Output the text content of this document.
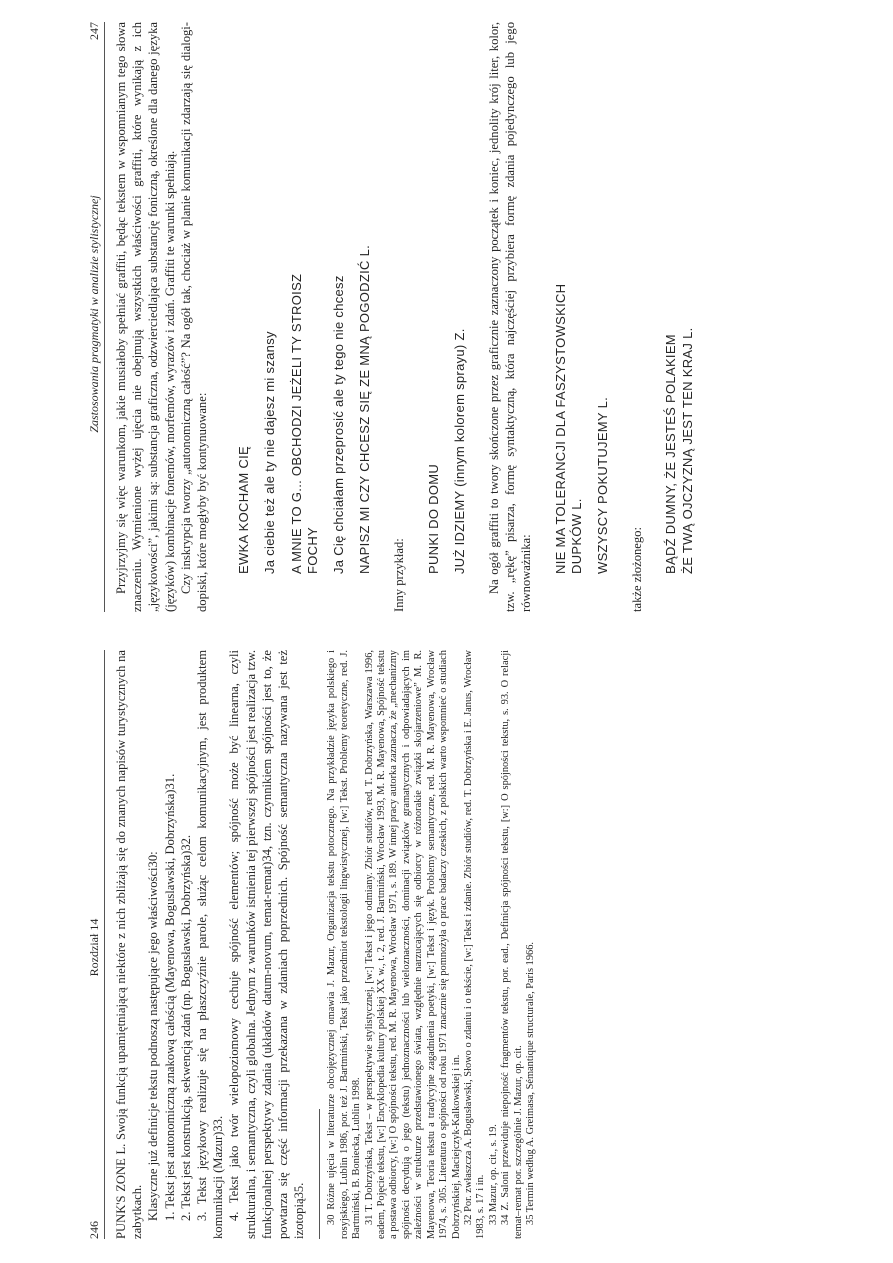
246
Rozdział 14 PUNK'S ZONE L. Swoją funkcją upamiętniającą niektóre z nich zbliżają się do znanych napisów turystycznych na zabytkach. Klasyczne już definicje tekstu podnoszą następujące jego właściwości30: 1. Tekst jest autonomiczną znakową całością (Mayenowa, Boguslawski, Dobrzyńska)31. 2. Tekst jest konstrukcją, sekwencją zdań (np. Bogusławski, Dobrzyńska)32. 3. Tekst językowy realizuje się na płaszczyźnie parole, służąc celom komunikacyjnym, jest produktem komunikacji (Mazur)33. 4. Tekst jako twór wielopoziomowy cechuje spójność elementów; spójność może być linearna, czyli strukturalna, i semantyczna, czyli globalna. Jednym z warunków istnienia tej pierwszej spójności jest realizacja tzw. funkcjonalnej perspektywy zdania (układów datum-novum, temat-remat)34, tzn. czynnikiem spójności jest to, że powtarza się część informacji przekazana w zdaniach poprzednich. Spójność semantyczna nazywana jest też izotopią35. 30 Różne ujęcia w literaturze obcojęzycznej omawia J. Mazur, Organizacja tekstu potocznego. Na przykładzie języka polskiego i rosyjskiego, Lublin 1986, por. też J. Bartmiński, Tekst jako przedmiot tekstologii lingwistycznej, [w:] Tekst. Problemy teoretyczne, red. J. Bartmiński, B. Boniecka, Lublin 1998. 31 T. Dobrzyńska, Tekst – w perspektywie stylistycznej, [w:] Tekst i jego odmiany. Zbiór studiów, red. T. Dobrzyńska, Warszawa 1996, eadem, Pojęcie tekstu, [w:] Encyklopedia kultury polskiej XX w., t. 2, red. J. Bartmiński, Wrocław 1993, M. R. Mayenowa, Spójność tekstu a postawa odbiorcy, [w:] O spójności tekstu, red. M. R. Mayenowa, Wrocław 1971, s. 189. W innej pracy autorka zaznacza, że „mechanizmy spójności decydują o jego (tekstu) jednoznaczności lub wieloznaczności, dominacji związków gramatycznych i odpowiadających im zależności w strukturze przedstawionego świata, względnie narzucających się odbiorcy w różnorakie związki skojarzeniowe” M. R. Mayenowa, Teoria tekstu a tradycyjne zagadnienia poetyki, [w:] Tekst i język. Problemy semantyczne, red. M. R. Mayenowa, Wrocław 1974, s. 305. Literatura o spójności od roku 1971 znacznie się pomnożyła o prace badaczy czeskich, z polskich warto wspomnieć o studiach Dobrzyńskiej, Maciejczyk-Kalkowskiej i in. 32 Por. zwłaszcza A. Bogusławski, Słowo o zdaniu i o tekście, [w:] Tekst i zdanie. Zbiór studiów, red. T. Dobrzyńska i E. Janus, Wrocław 1983, s. 17 i in. 33 Mazur, op. cit., s. 19. 34 Z. Saloni przewiduje niepojność fragmentów tekstu, por. ead., Definicja spójności tekstu, [w:] O spójności tekstu, s. 93. O relacji temat–remat por. szczególnie J. Mazur, op. cit. 35 Termin według A. Greimasa, Sémantique structurale, Paris 1966.

Zastosowania pragmatyki w analizie stylistycznej
247 Przyjrzyjmy się więc warunkom, jakie musiałoby spełniać graffiti, będąc tekstem w wspomnianym tego słowa znaczeniu. Wymienione wyżej ujęcia nie obejmują wszystkich właściwości graffiti, które wynikają z ich „językowości”, jakimi są: substancja graficzna, odzwierciedlająca substancję foniczną, określone dla danego języka (języków) kombinacje fonemów, morfemów, wyrazów i zdań. Graffiti te warunki spełniają. Czy inskrypcja tworzy „autonomiczną całość”? Na ogół tak, chociaż w planie komunikacji zdarzają się dialogi-dopiski, które mogłyby być kontynuowane: EWKA KOCHAM CIĘ Ja ciebie też ale ty nie dajesz mi szansy A MNIE TO G... OBCHODZI JEŻELI TY STROISZ FOCHY Ja Cię chciałam przeprosić ale ty tego nie chcesz NAPISZ MI CZY CHCESZ SIĘ ZE MNĄ POGODZIĆ L.

Inny przykład:

PUNKI DO DOMU JUŻ IDZIEMY (innym kolorem sprayu) Z. Na ogół graffiti to twory skończone przez graficznie zaznaczony początek i koniec, jednolity krój liter, kolor, tzw. „rękę” pisarza, formę syntaktyczną, która najczęściej przybiera formę zdania pojedynczego lub jego równoważnika: NIE MA TOLERANCJI DLA FASZYSTOWSKICH DUPKÓW L. WSZYSCY POKUTUJEMY L. także złożonego: BĄDŹ DUMNY, ŻE JESTEŚ POLAKIEM ŻE TWĄ OJCZYZNĄ JEST TEN KRAJ L.
